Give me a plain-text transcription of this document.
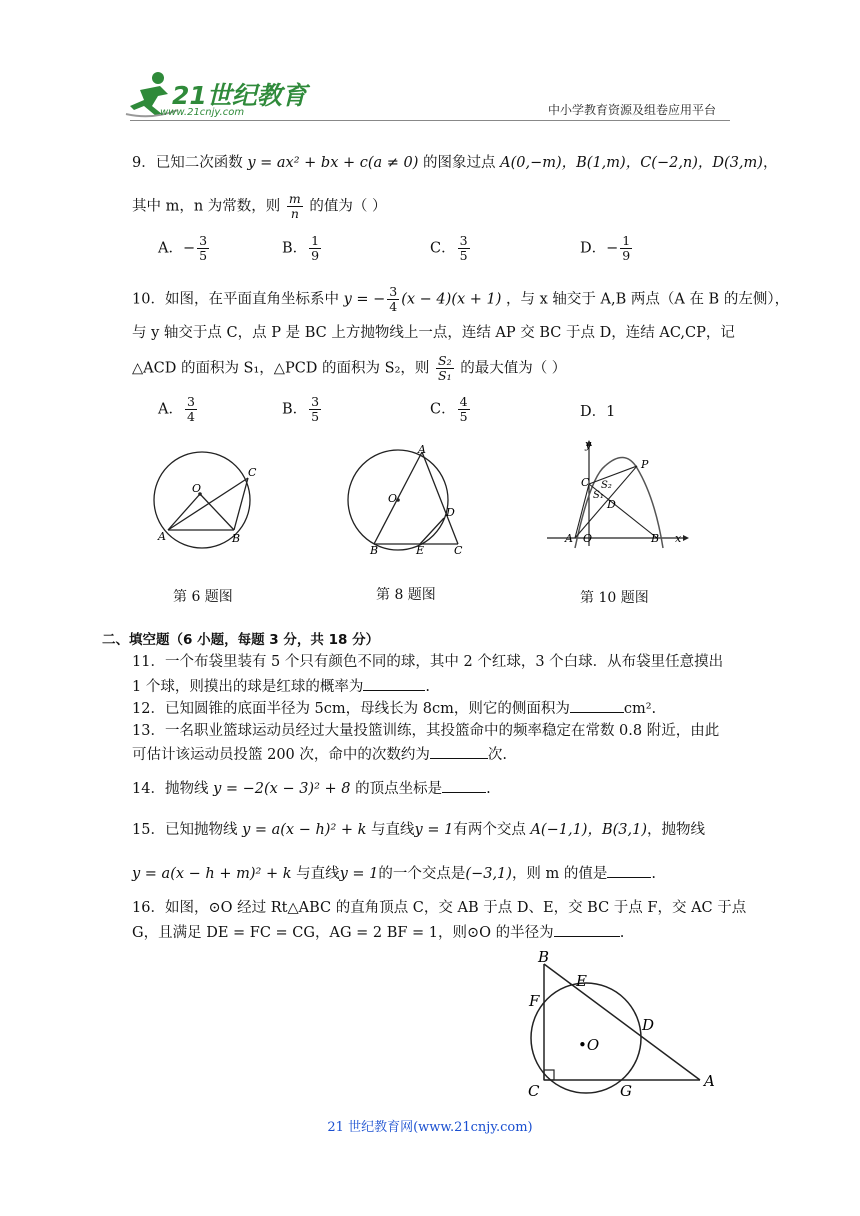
21世纪教育
www.21cnjy.com	中小学教育资源及组卷应用平台
9．已知二次函数 y = ax² + bx + c(a ≠ 0) 的图象过点 A(0,−m)，B(1,m)，C(−2,n)，D(3,m)，
其中 m，n 为常数，则 $\frac{m}{n}$ 的值为（ ）
A．− $\frac{3}{5}$	B． $\frac{1}{9}$	C． $\frac{3}{5}$	D．− $\frac{1}{9}$
10．如图，在平面直角坐标系中 y = − $\frac{3}{4} (x - 4)(x + 1)$ ，与 x 轴交于 A,B 两点（A 在 B 的左侧），
与 y 轴交于点 C，点 P 是 BC 上方抛物线上一点，连结 AP 交 BC 于点 D，连结 AC,CP，记
△ACD 的面积为 S₁，△PCD 的面积为 S₂，则 $\frac{\text{S₂}}{\text{S₁}}$ 的最大值为（ ）
A． $\frac{3}{4}$	B． $\frac{3}{5}$	C． $\frac{4}{5}$	D．1
O
C
A	B
A
O
D
B	E	C
y
P
C S₂
S₁
D
A O	B x
第 6 题图	第 8 题图	第 10 题图
二、填空题（6 小题，每题 3 分，共 18 分）
11．一个布袋里装有 5 个只有颜色不同的球，其中 2 个红球，3 个白球．从布袋里任意摸出
1 个球，则摸出的球是红球的概率为	.
12．已知圆锥的底面半径为 5cm，母线长为 8cm，则它的侧面积为	cm².
13．一名职业篮球运动员经过大量投篮训练，其投篮命中的频率稳定在常数 0.8 附近，由此
可估计该运动员投篮 200 次，命中的次数约为	次.
14．抛物线 y = −2(x − 3)² + 8 的顶点坐标是	.
15．已知抛物线 y = a(x − h)² + k 与直线y = 1有两个交点 A(−1,1)，B(3,1)，抛物线
y = a(x − h + m)² + k 与直线y = 1的一个交点是(−3,1)，则 m 的值是	.
16．如图，⊙O 经过 Rt△ABC 的直角顶点 C，交 AB 于点 D、E，交 BC 于点 F，交 AC 于点
G，且满足 DE = FC = CG，AG = 2 BF = 1，则⊙O 的半径为	.
B
E
F
D
•O
C	G
A
21 世纪教育网(www.21cnjy.com)
